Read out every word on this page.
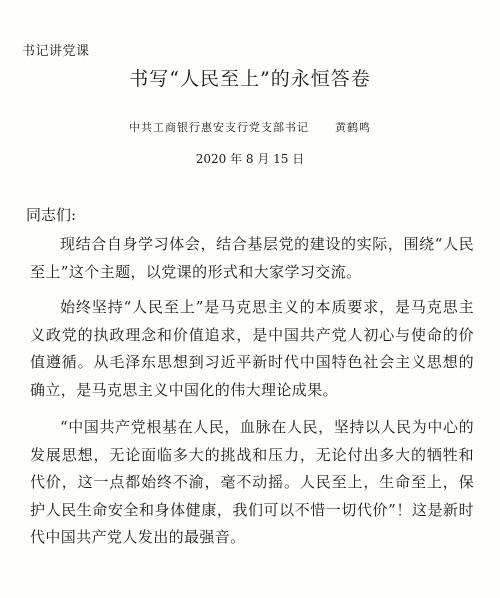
书记讲党课
书写“人民至上”的永恒答卷
中共工商银行惠安支行党支部书记 黄鹤鸣
2020 年 8 月 15 日
同志们:

现结合自身学习体会，结合基层党的建设的实际，围绕“人民至上”这个主题，以党课的形式和大家学习交流。

始终坚持“人民至上”是马克思主义的本质要求，是马克思主义政党的执政理念和价值追求，是中国共产党人初心与使命的价值遵循。从毛泽东思想到习近平新时代中国特色社会主义思想的确立，是马克思主义中国化的伟大理论成果。

“中国共产党根基在人民，血脉在人民，坚持以人民为中心的发展思想，无论面临多大的挑战和压力，无论付出多大的牺牲和代价，这一点都始终不渝，毫不动摇。人民至上，生命至上，保护人民生命安全和身体健康，我们可以不惜一切代价”！这是新时代中国共产党人发出的最强音。
